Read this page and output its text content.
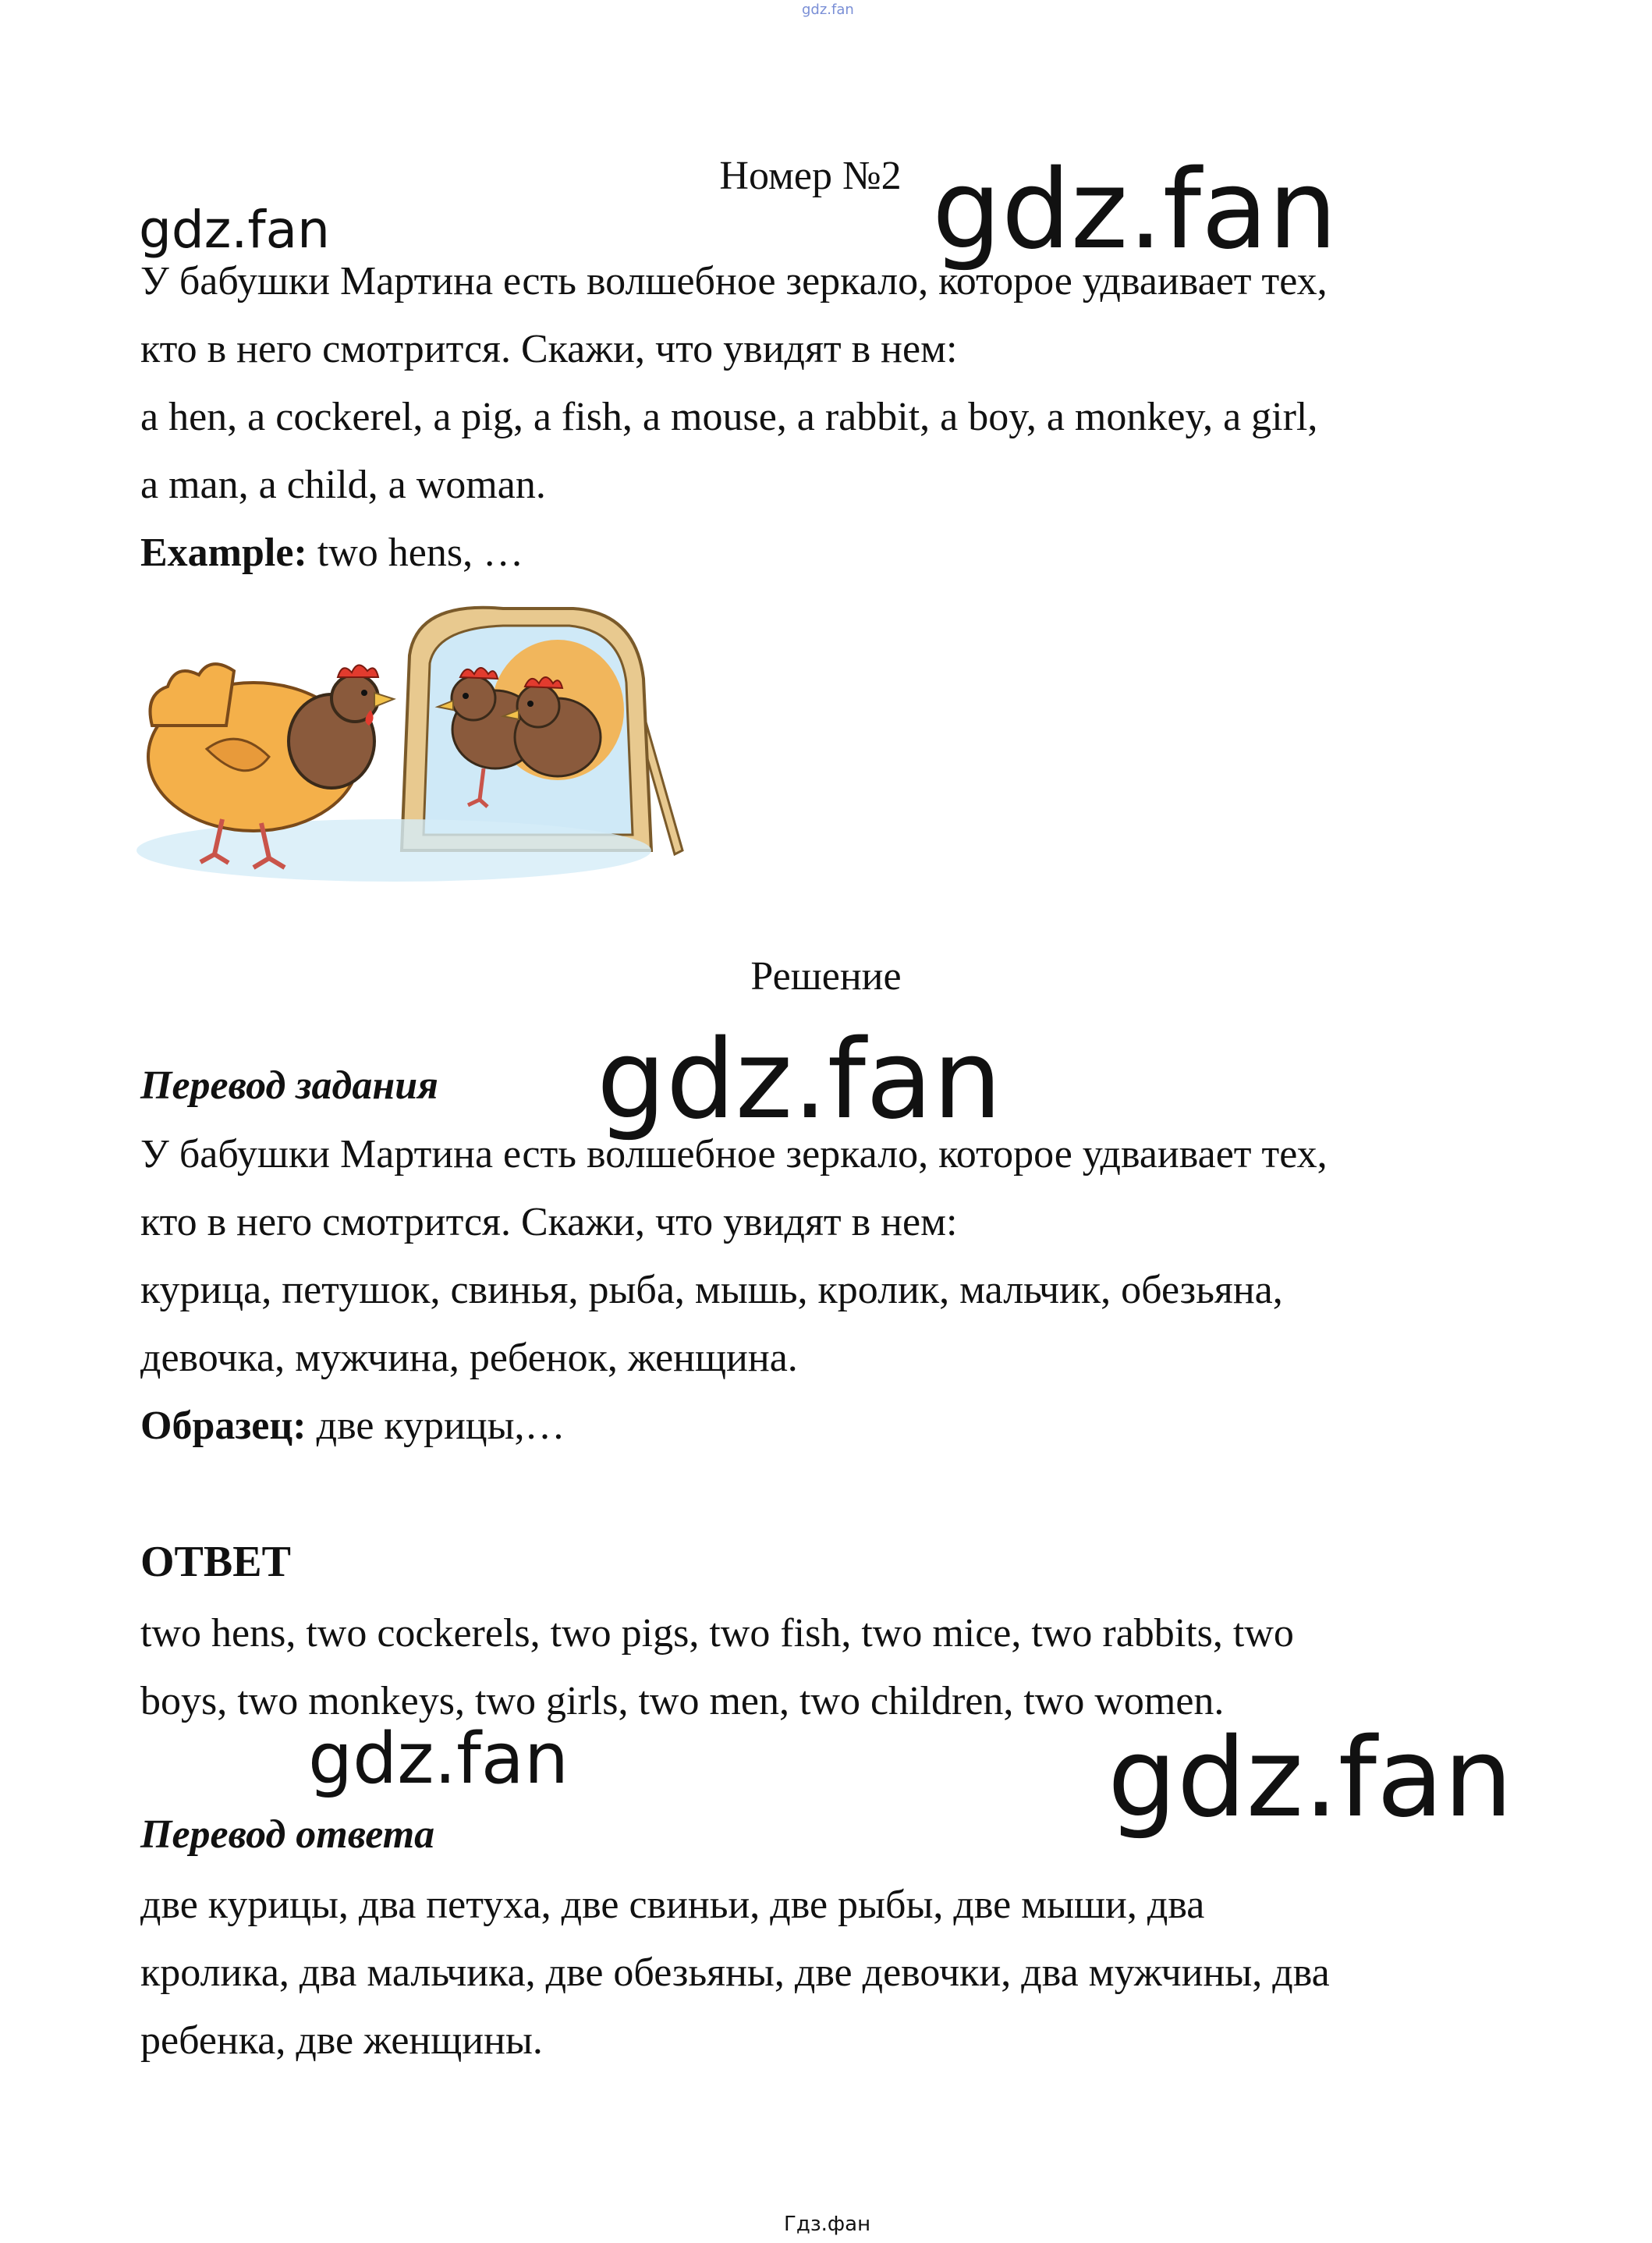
gdz.fan
Номер №2 gdz.fan
gdz.fan
У бабушки Мартина есть волшебное зеркало, которое удваивает тех,
кто в него смотрится. Скажи, что увидят в нем:
a hen, a cockerel, a pig, a fish, a mouse, a rabbit, a boy, a monkey, a girl,
a man, a child, a woman.
Example: two hens, …
Решение
gdz.fan
Перевод задания
У бабушки Мартина есть волшебное зеркало, которое удваивает тех,
кто в него смотрится. Скажи, что увидят в нем:
курица, петушок, свинья, рыба, мышь, кролик, мальчик, обезьяна,
девочка, мужчина, ребенок, женщина.
Образец: две курицы,…
ОТВЕТ
two hens, two cockerels, two pigs, two fish, two mice, two rabbits, two
boys, two monkeys, two girls, two men, two children, two women.
gdz.fan	gdz.fan
Перевод ответа
две курицы, два петуха, две свиньи, две рыбы, две мыши, два
кролика, два мальчика, две обезьяны, две девочки, два мужчины, два
ребенка, две женщины.
Гдз.фан
